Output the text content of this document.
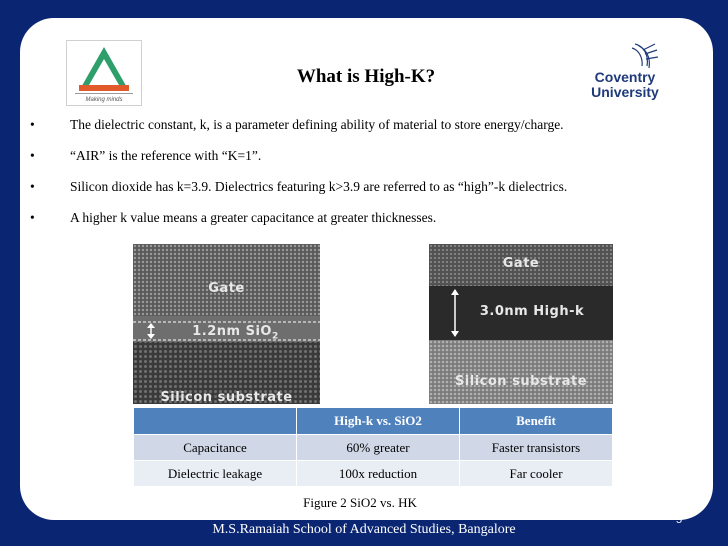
Making minds
What is High-K?	Coventry
University
•	The dielectric constant, k, is a parameter defining ability of material to store energy/charge.
•	“AIR” is the reference with “K=1”.
•	Silicon dioxide has k=3.9. Dielectrics featuring k>3.9 are referred to as “high”-k dielectrics.
•	A higher k value means a greater capacitance at greater thicknesses.
Gate
1.2nm SiO$_2$
Silicon substrate
Gate
3.0nm High-k
Silicon substrate
	High-k vs. SiO2	Benefit
Capacitance	60% greater	Faster transistors
Dielectric leakage	100x reduction	Far cooler
Figure 2 SiO2 vs. HK
M.S.Ramaiah School of Advanced Studies, Bangalore
5
